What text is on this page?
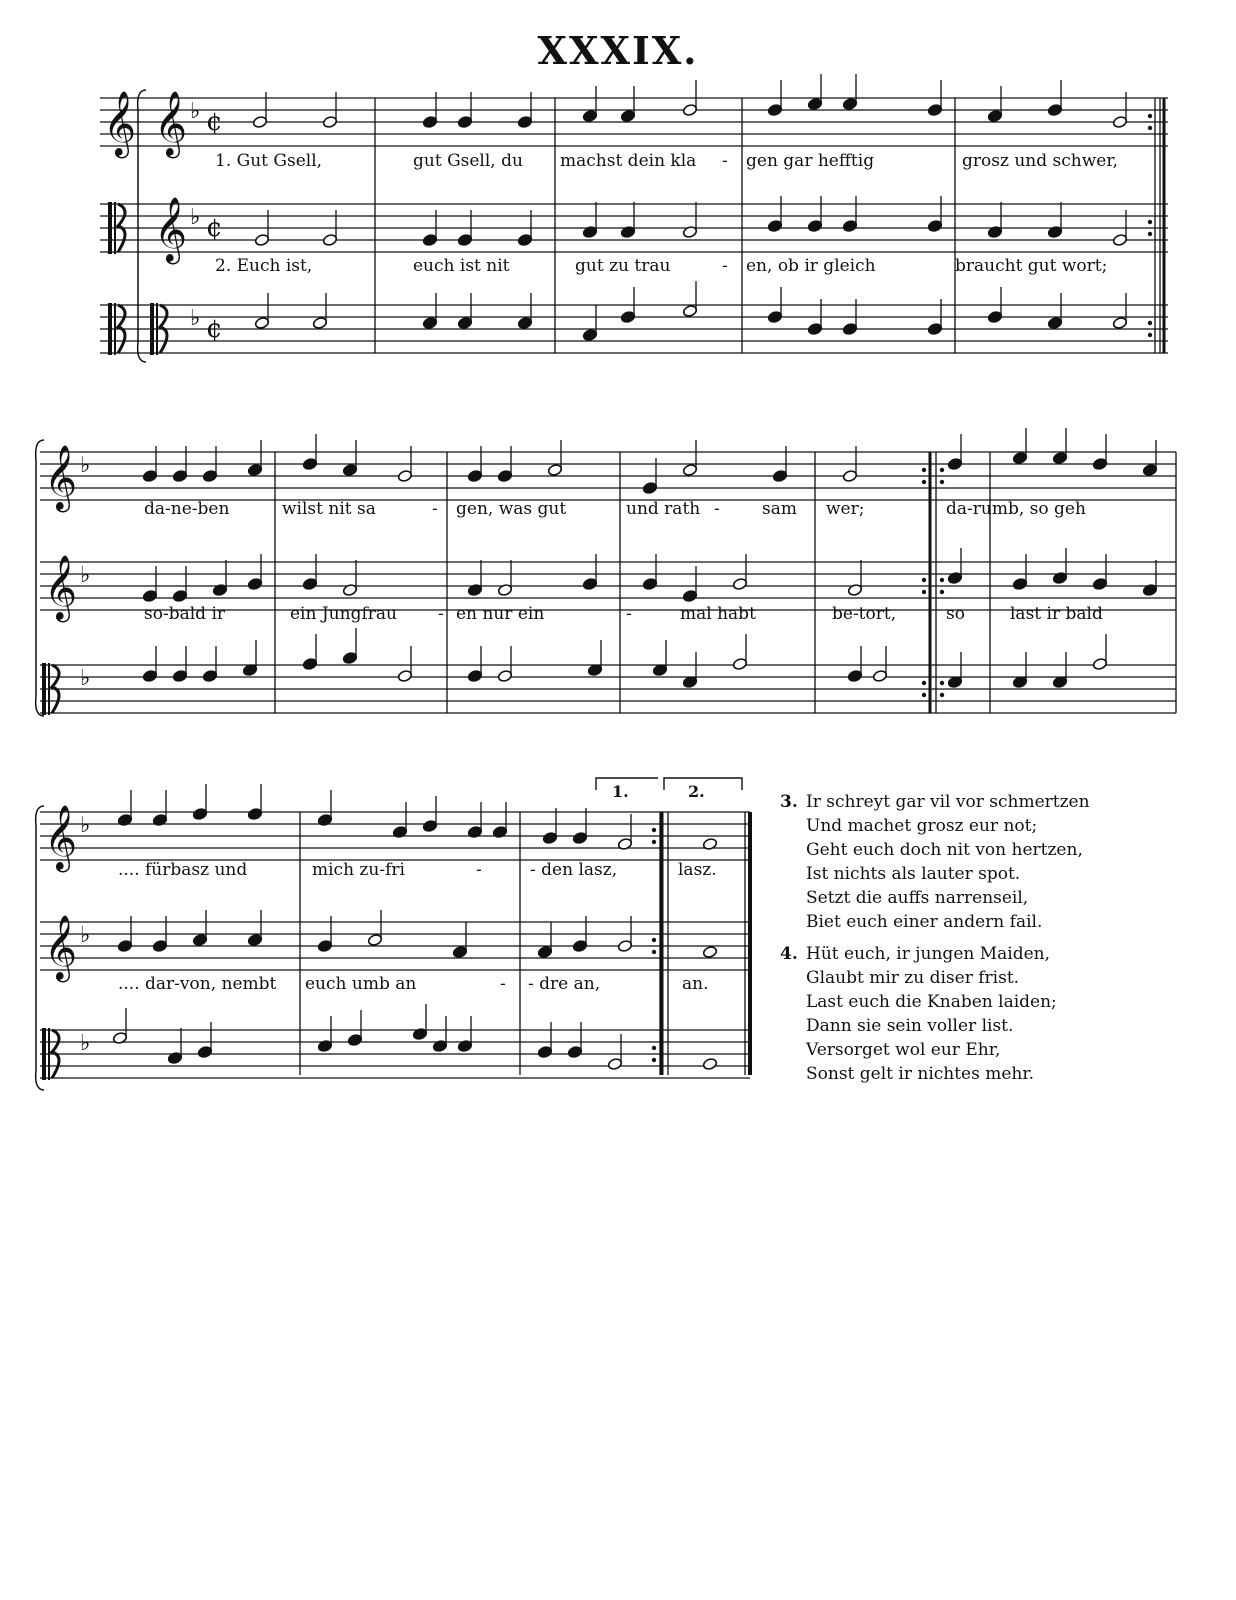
XXXIX.
𝄞 𝄞
𝄞
♭ ¢
♭ ¢
♭ ¢
𝄞
𝄞
♭
♭
♭
𝄞
𝄞
♭
♭
♭
1. Gut Gsell,	gut Gsell, du machst dein kla - gen gar hefftig	grosz und schwer,
2. Euch ist,	euch ist nit	gut zu trau	- en, ob ir gleich	braucht gut wort;
da-ne-ben	wilst nit sa	- gen, was gut	und rath - sam wer;	da-rumb, so geh
so-bald ir	ein Jungfrau - en nur ein	-	mal habt	be-tort,	so	last ir bald
.... fürbasz und	mich zu-fri	-	- den lasz,	lasz.
.... dar-von, nembt euch umb an	- - dre an,	an.
1.	2.
3. Ir schreyt gar vil vor schmertzen
Und machet grosz eur not;
Geht euch doch nit von hertzen,
Ist nichts als lauter spot.
Setzt die auffs narrenseil,
Biet euch einer andern fail.
4. Hüt euch, ir jungen Maiden,
Glaubt mir zu diser frist.
Last euch die Knaben laiden;
Dann sie sein voller list.
Versorget wol eur Ehr,
Sonst gelt ir nichtes mehr.
